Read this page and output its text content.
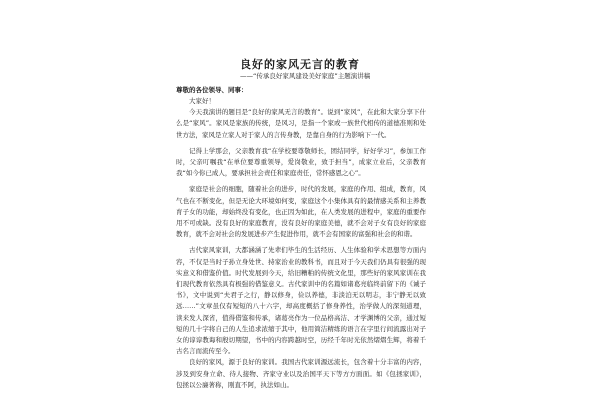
良好的家风无言的教育
——“传承良好家风建设美好家庭”主题演讲稿
尊敬的各位领导、同事：

大家好！

今天我演讲的题目是“良好的家风无言的教育”。说到“家风”，在此和大家分享下什么是“家风”。家风是家族的传统，是风习，是指一个家或一族世代相传的道德准则和处世方法，家风是立家人对于家人的言传身教，是靠自身的行为影响下一代。

记得上学那会，父亲教育我“在学校要尊敬师长，团结同学，好好学习”，参加工作时，父亲叮嘱我“在单位要尊重领导，爱岗敬业，致于担当”，成家立业后，父亲教育我“如今你已成人，要承担社会责任和家庭责任，常怀感恩之心”。

家庭是社会的细胞，随着社会的进步，时代的发展，家庭的作用、组成，教育，风气也在不断变化，但是无论大环境如何变，家庭这个小集体具有的最情感关系和主养教育子女的功能，却始终没有变化，也正因为如此，在人类发展的进程中，家庭的重要作用不可或缺。没有良好的家庭教育，没有良好的家庭美德，就不会对子女有良好的家庭教育，就不会对社会的发展进步产生促进作用，就不会有国家的富强和社会的和谐。

古代家风家训，大都涵涵了先辈们毕生的生活经历、人生体验和学术思想等方面内容，不仅是当时子孙立身处世、持家治业的教科书，而且对于今天我们仍具有很强的现实意义和借鉴价值。时代发展到今天，给旧糟粕的传统文化里，那些好的家风家训在我们现代教育依然具有极强的借鉴意义。古代家训中的名篇如诸葛亮临终前留下的《诫子书》，文中说到“夫君子之行，静以修身，俭以养德，非淡泊无以明志，非宁静无以致远……”文章虽仅有短短的八十六字，却高度概括了修身养性，治学做人的深刻道理，读来发人深省，值得借鉴和传承，诸葛亮作为一位品格高洁、才学渊博的父亲，通过短短的几十字将自己的人生追求浓缩于其中，他用简洁精练的语言在字里行间流露出对子女的谆谆教诲和殷切期望，书中的内容跨越时空，历经千年时光依然熠熠生辉，将着千古名言而流传至今。

良好的家风，源于良好的家训。我国古代家训源远流长，包含着十分丰富的内容，涉及到安身立命、待人接物、齐家守业以及治国平天下等方方面面。如《包拯家训》，包拯以公廉著称，刚直不阿，执法如山。
